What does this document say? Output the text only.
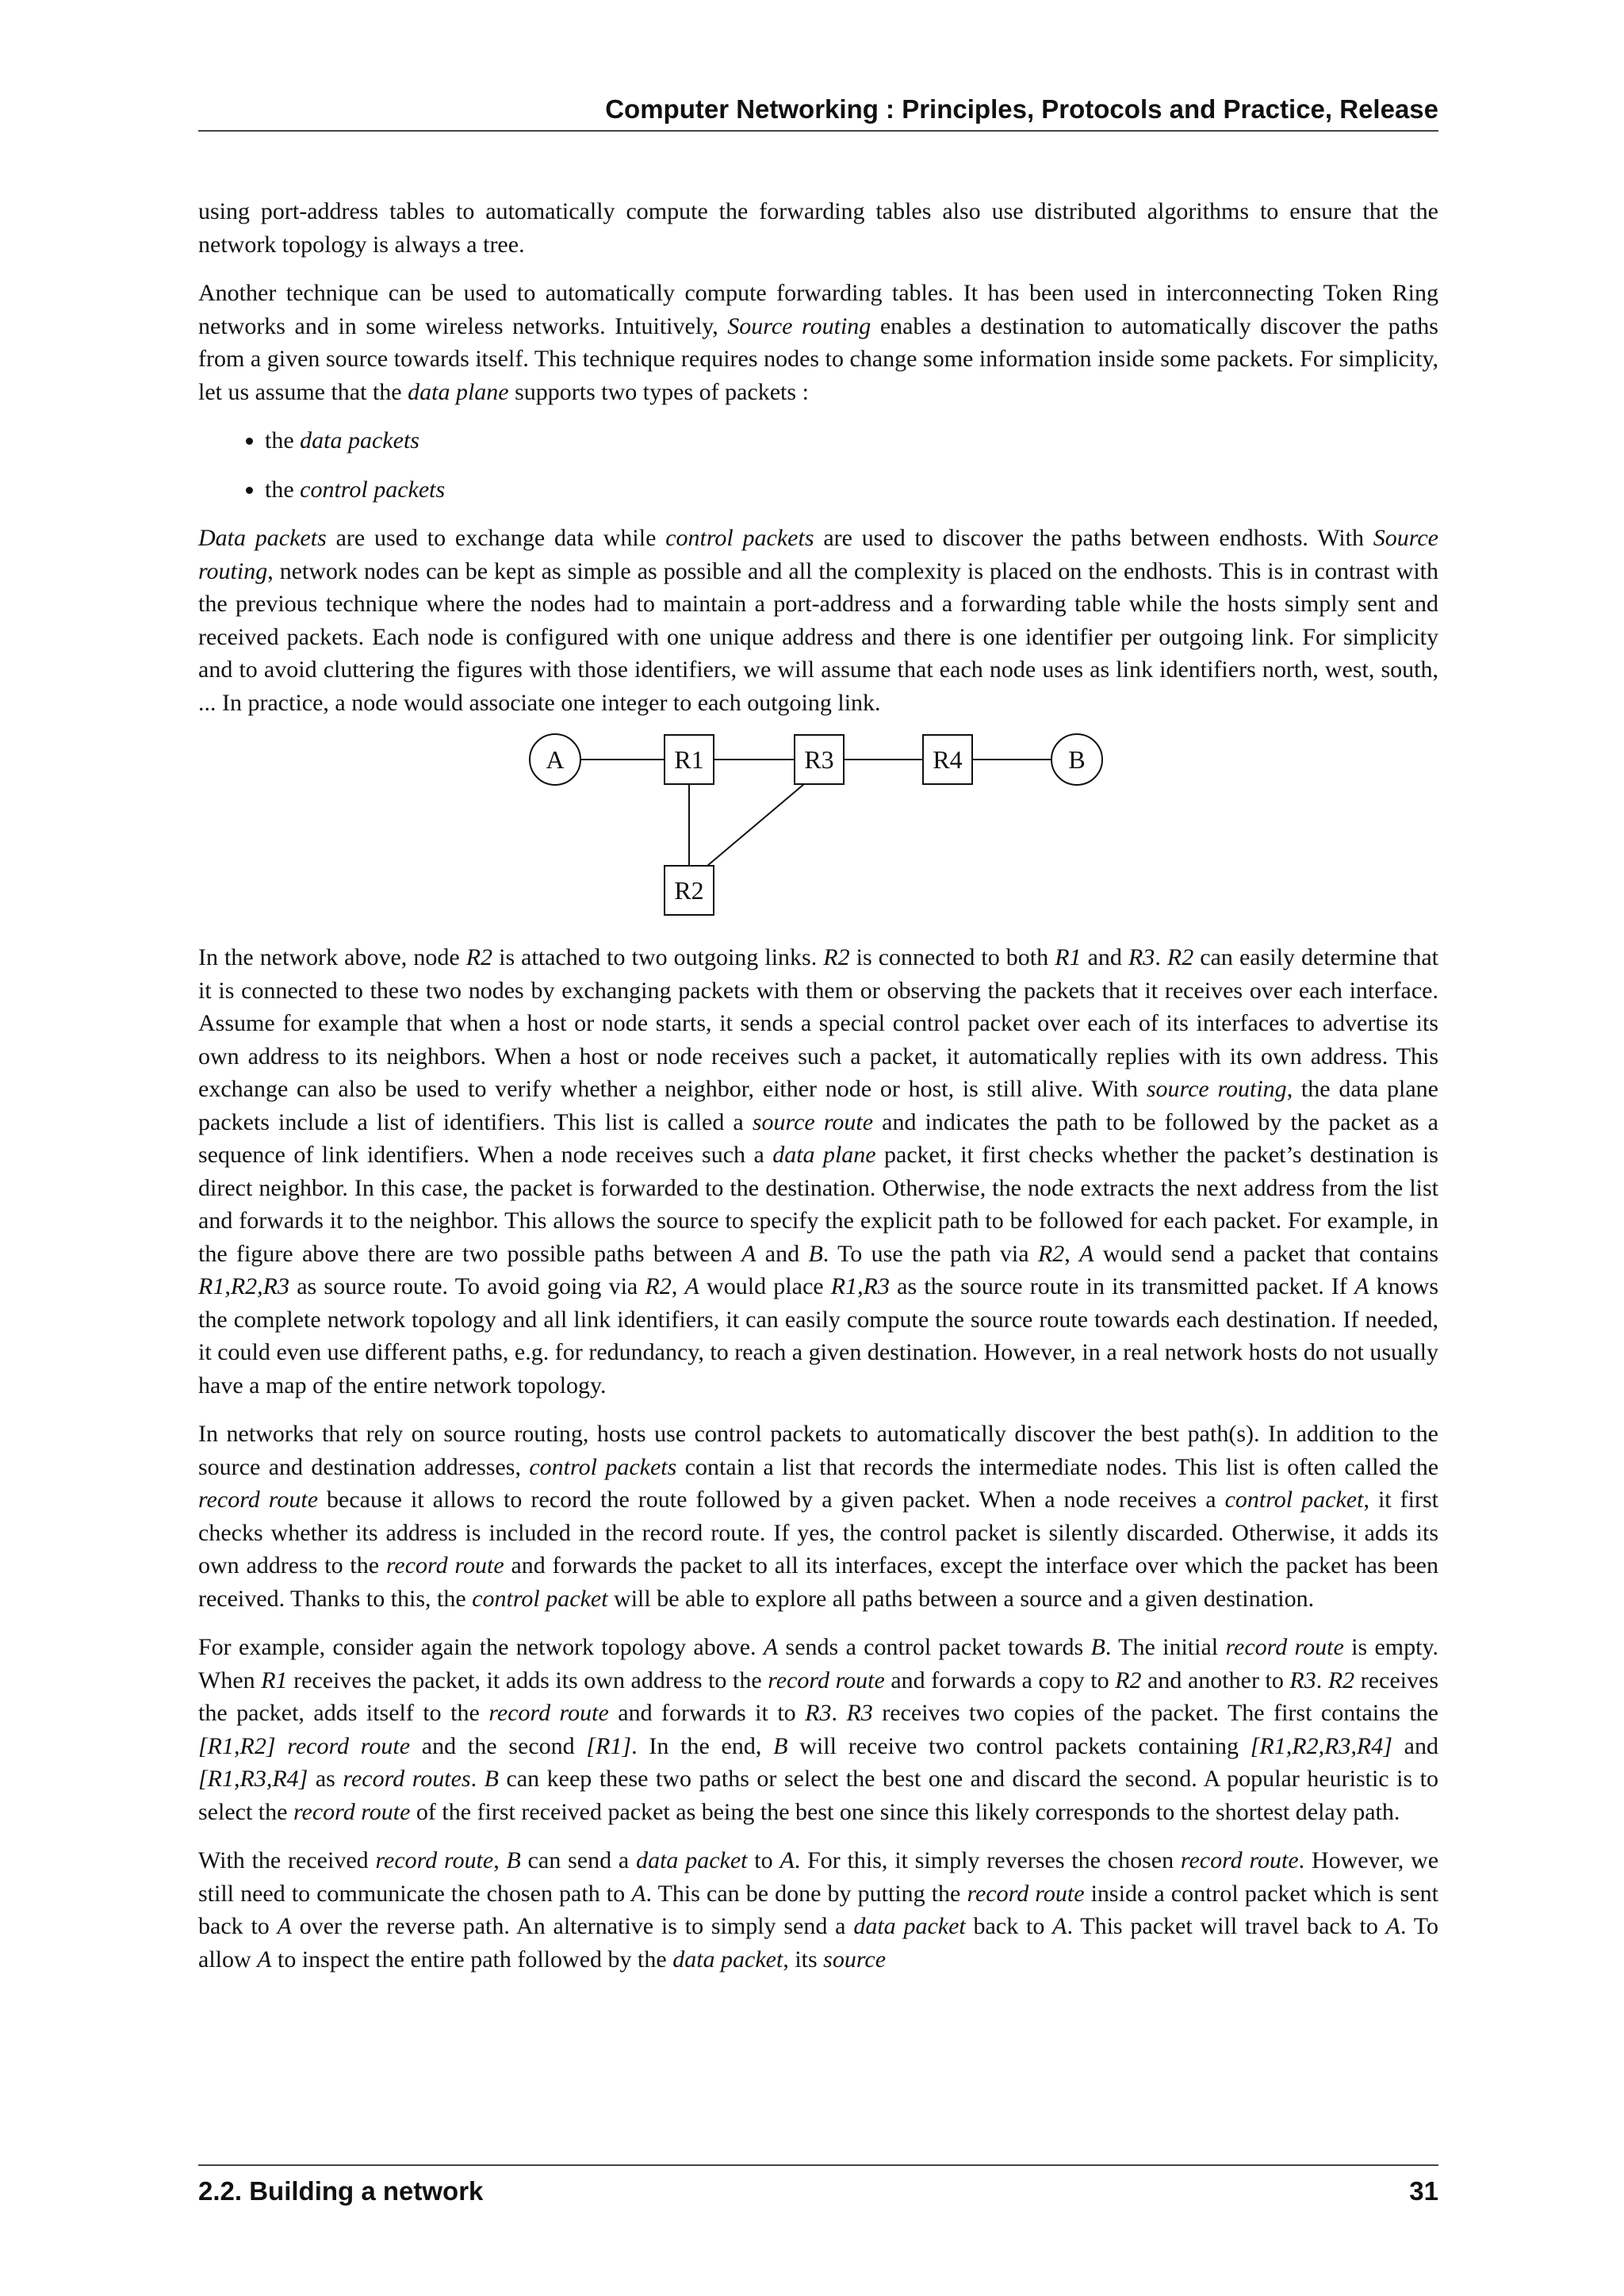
Computer Networking : Principles, Protocols and Practice, Release

using port-address tables to automatically compute the forwarding tables also use distributed algorithms to ensure that the network topology is always a tree.

Another technique can be used to automatically compute forwarding tables. It has been used in interconnecting Token Ring networks and in some wireless networks. Intuitively, Source routing enables a destination to automatically discover the paths from a given source towards itself. This technique requires nodes to change some information inside some packets. For simplicity, let us assume that the data plane supports two types of packets :

• the data packets
• the control packets

Data packets are used to exchange data while control packets are used to discover the paths between endhosts. With Source routing, network nodes can be kept as simple as possible and all the complexity is placed on the endhosts. This is in contrast with the previous technique where the nodes had to maintain a port-address and a forwarding table while the hosts simply sent and received packets. Each node is configured with one unique address and there is one identifier per outgoing link. For simplicity and to avoid cluttering the figures with those identifiers, we will assume that each node uses as link identifiers north, west, south, ... In practice, a node would associate one integer to each outgoing link.

A	R1	R3	R4	B
R2

In the network above, node R2 is attached to two outgoing links. R2 is connected to both R1 and R3. R2 can easily determine that it is connected to these two nodes by exchanging packets with them or observing the packets that it receives over each interface. Assume for example that when a host or node starts, it sends a special control packet over each of its interfaces to advertise its own address to its neighbors. When a host or node receives such a packet, it automatically replies with its own address. This exchange can also be used to verify whether a neighbor, either node or host, is still alive. With source routing, the data plane packets include a list of identifiers. This list is called a source route and indicates the path to be followed by the packet as a sequence of link identifiers. When a node receives such a data plane packet, it first checks whether the packet’s destination is direct neighbor. In this case, the packet is forwarded to the destination. Otherwise, the node extracts the next address from the list and forwards it to the neighbor. This allows the source to specify the explicit path to be followed for each packet. For example, in the figure above there are two possible paths between A and B. To use the path via R2, A would send a packet that contains R1,R2,R3 as source route. To avoid going via R2, A would place R1,R3 as the source route in its transmitted packet. If A knows the complete network topology and all link identifiers, it can easily compute the source route towards each destination. If needed, it could even use different paths, e.g. for redundancy, to reach a given destination. However, in a real network hosts do not usually have a map of the entire network topology.

In networks that rely on source routing, hosts use control packets to automatically discover the best path(s). In addition to the source and destination addresses, control packets contain a list that records the intermediate nodes. This list is often called the record route because it allows to record the route followed by a given packet. When a node receives a control packet, it first checks whether its address is included in the record route. If yes, the control packet is silently discarded. Otherwise, it adds its own address to the record route and forwards the packet to all its interfaces, except the interface over which the packet has been received. Thanks to this, the control packet will be able to explore all paths between a source and a given destination.

For example, consider again the network topology above. A sends a control packet towards B. The initial record route is empty. When R1 receives the packet, it adds its own address to the record route and forwards a copy to R2 and another to R3. R2 receives the packet, adds itself to the record route and forwards it to R3. R3 receives two copies of the packet. The first contains the [R1,R2] record route and the second [R1]. In the end, B will receive two control packets containing [R1,R2,R3,R4] and [R1,R3,R4] as record routes. B can keep these two paths or select the best one and discard the second. A popular heuristic is to select the record route of the first received packet as being the best one since this likely corresponds to the shortest delay path.

With the received record route, B can send a data packet to A. For this, it simply reverses the chosen record route. However, we still need to communicate the chosen path to A. This can be done by putting the record route inside a control packet which is sent back to A over the reverse path. An alternative is to simply send a data packet back to A. This packet will travel back to A. To allow A to inspect the entire path followed by the data packet, its source

2.2. Building a network	31
